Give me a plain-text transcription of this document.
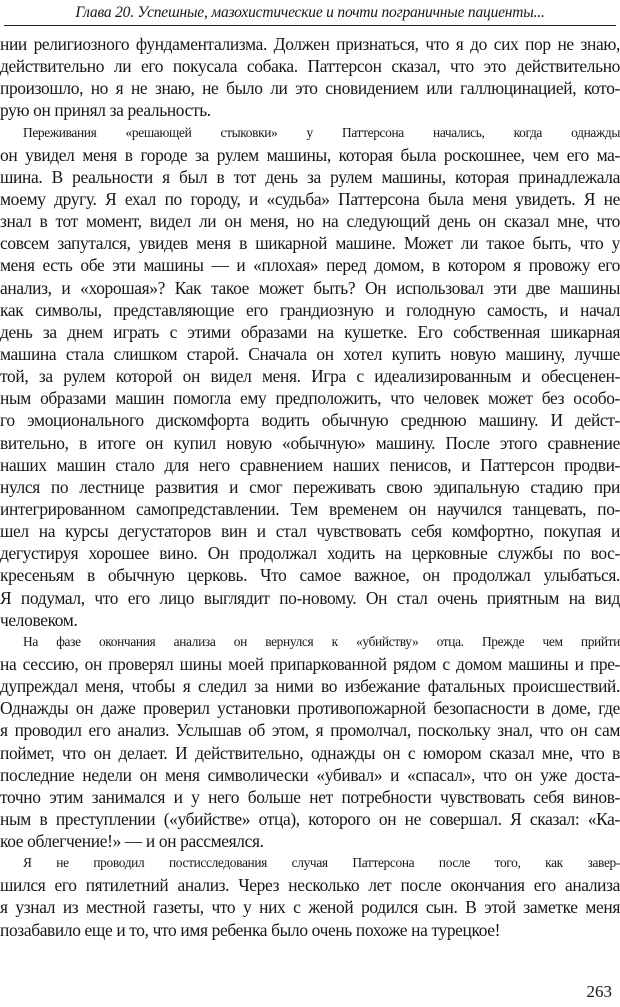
Глава 20. Успешные, мазохистические и почти пограничные пациенты...
нии религиозного фундаментализма. Должен признаться, что я до сих пор не знаю,
действительно ли его покусала собака. Паттерсон сказал, что это действительно
произошло, но я не знаю, не было ли это сновидением или галлюцинацией, кото-
рую он принял за реальность.
Переживания «решающей стыковки» у Паттерсона начались, когда однажды
он увидел меня в городе за рулем машины, которая была роскошнее, чем его ма-
шина. В реальности я был в тот день за рулем машины, которая принадлежала
моему другу. Я ехал по городу, и «судьба» Паттерсона была меня увидеть. Я не
знал в тот момент, видел ли он меня, но на следующий день он сказал мне, что
совсем запутался, увидев меня в шикарной машине. Может ли такое быть, что у
меня есть обе эти машины — и «плохая» перед домом, в котором я провожу его
анализ, и «хорошая»? Как такое может быть? Он использовал эти две машины
как символы, представляющие его грандиозную и голодную самость, и начал
день за днем играть с этими образами на кушетке. Его собственная шикарная
машина стала слишком старой. Сначала он хотел купить новую машину, лучше
той, за рулем которой он видел меня. Игра с идеализированным и обесценен-
ным образами машин помогла ему предположить, что человек может без особо-
го эмоционального дискомфорта водить обычную среднюю машину. И дейст-
вительно, в итоге он купил новую «обычную» машину. После этого сравнение
наших машин стало для него сравнением наших пенисов, и Паттерсон продви-
нулся по лестнице развития и смог переживать свою эдипальную стадию при
интегрированном самопредставлении. Тем временем он научился танцевать, по-
шел на курсы дегустаторов вин и стал чувствовать себя комфортно, покупая и
дегустируя хорошее вино. Он продолжал ходить на церковные службы по вос-
кресеньям в обычную церковь. Что самое важное, он продолжал улыбаться.
Я подумал, что его лицо выглядит по-новому. Он стал очень приятным на вид
человеком.
На фазе окончания анализа он вернулся к «убийству» отца. Прежде чем прийти
на сессию, он проверял шины моей припаркованной рядом с домом машины и пре-
дупреждал меня, чтобы я следил за ними во избежание фатальных происшествий.
Однажды он даже проверил установки противопожарной безопасности в доме, где
я проводил его анализ. Услышав об этом, я промолчал, поскольку знал, что он сам
поймет, что он делает. И действительно, однажды он с юмором сказал мне, что в
последние недели он меня символически «убивал» и «спасал», что он уже доста-
точно этим занимался и у него больше нет потребности чувствовать себя винов-
ным в преступлении («убийстве» отца), которого он не совершал. Я сказал: «Ка-
кое облегчение!» — и он рассмеялся.
Я не проводил постисследования случая Паттерсона после того, как завер-
шился его пятилетний анализ. Через несколько лет после окончания его анализа
я узнал из местной газеты, что у них с женой родился сын. В этой заметке меня
позабавило еще и то, что имя ребенка было очень похоже на турецкое!
263
